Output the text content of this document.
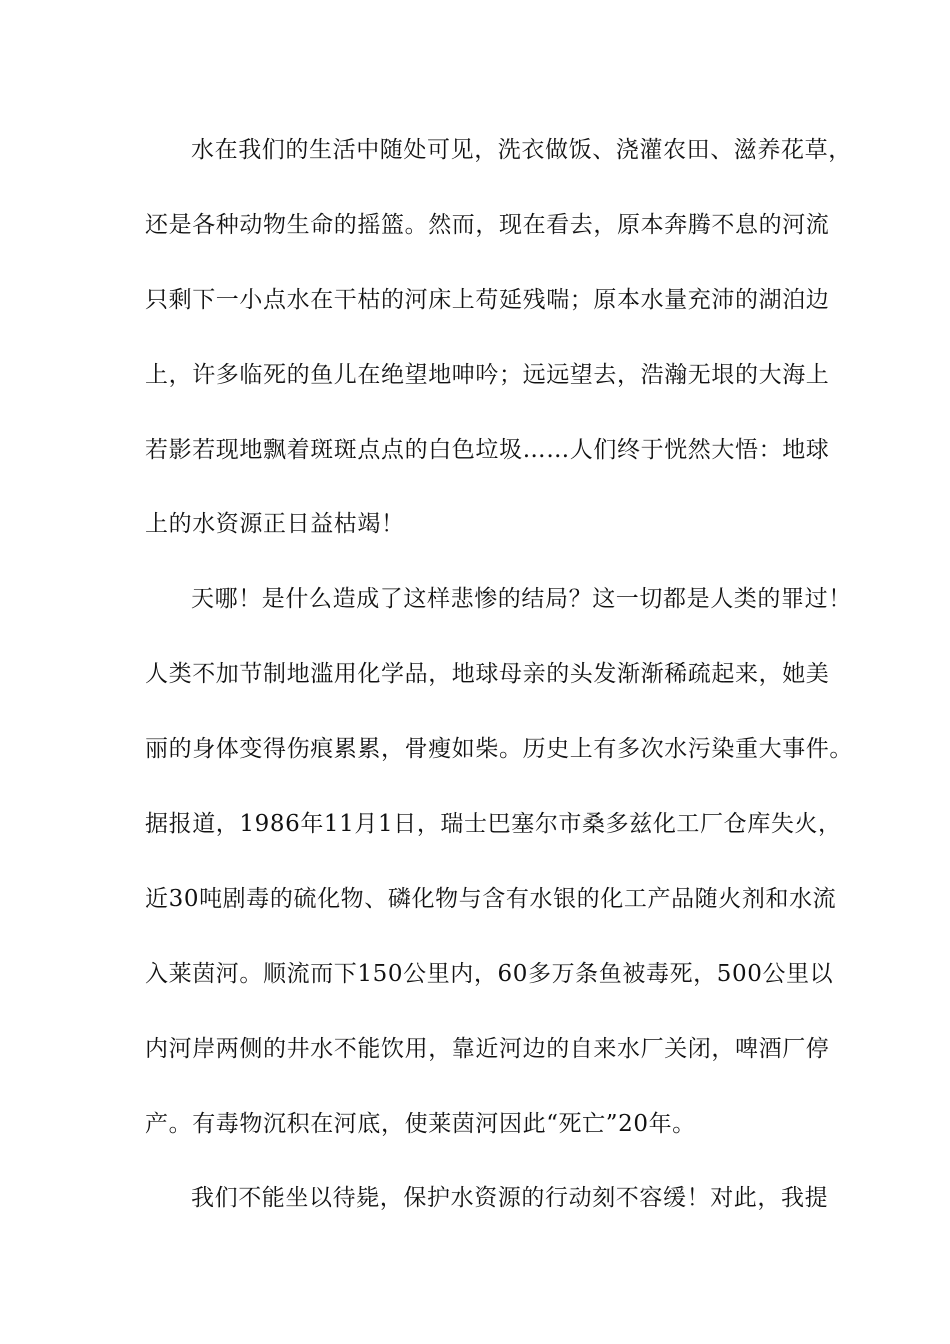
水在我们的生活中随处可见，洗衣做饭、浇灌农田、滋养花草，
还是各种动物生命的摇篮。然而，现在看去，原本奔腾不息的河流
只剩下一小点水在干枯的河床上苟延残喘；原本水量充沛的湖泊边
上，许多临死的鱼儿在绝望地呻吟；远远望去，浩瀚无垠的大海上
若影若现地飘着斑斑点点的白色垃圾……人们终于恍然大悟：地球
上的水资源正日益枯竭！
天哪！是什么造成了这样悲惨的结局？这一切都是人类的罪过！
人类不加节制地滥用化学品，地球母亲的头发渐渐稀疏起来，她美
丽的身体变得伤痕累累，骨瘦如柴。历史上有多次水污染重大事件。
据报道，1986年11月1日，瑞士巴塞尔市桑多兹化工厂仓库失火，
近30吨剧毒的硫化物、磷化物与含有水银的化工产品随火剂和水流
入莱茵河。顺流而下150公里内，60多万条鱼被毒死，500公里以
内河岸两侧的井水不能饮用，靠近河边的自来水厂关闭，啤酒厂停
产。有毒物沉积在河底，使莱茵河因此“死亡”20年。
我们不能坐以待毙，保护水资源的行动刻不容缓！对此，我提
